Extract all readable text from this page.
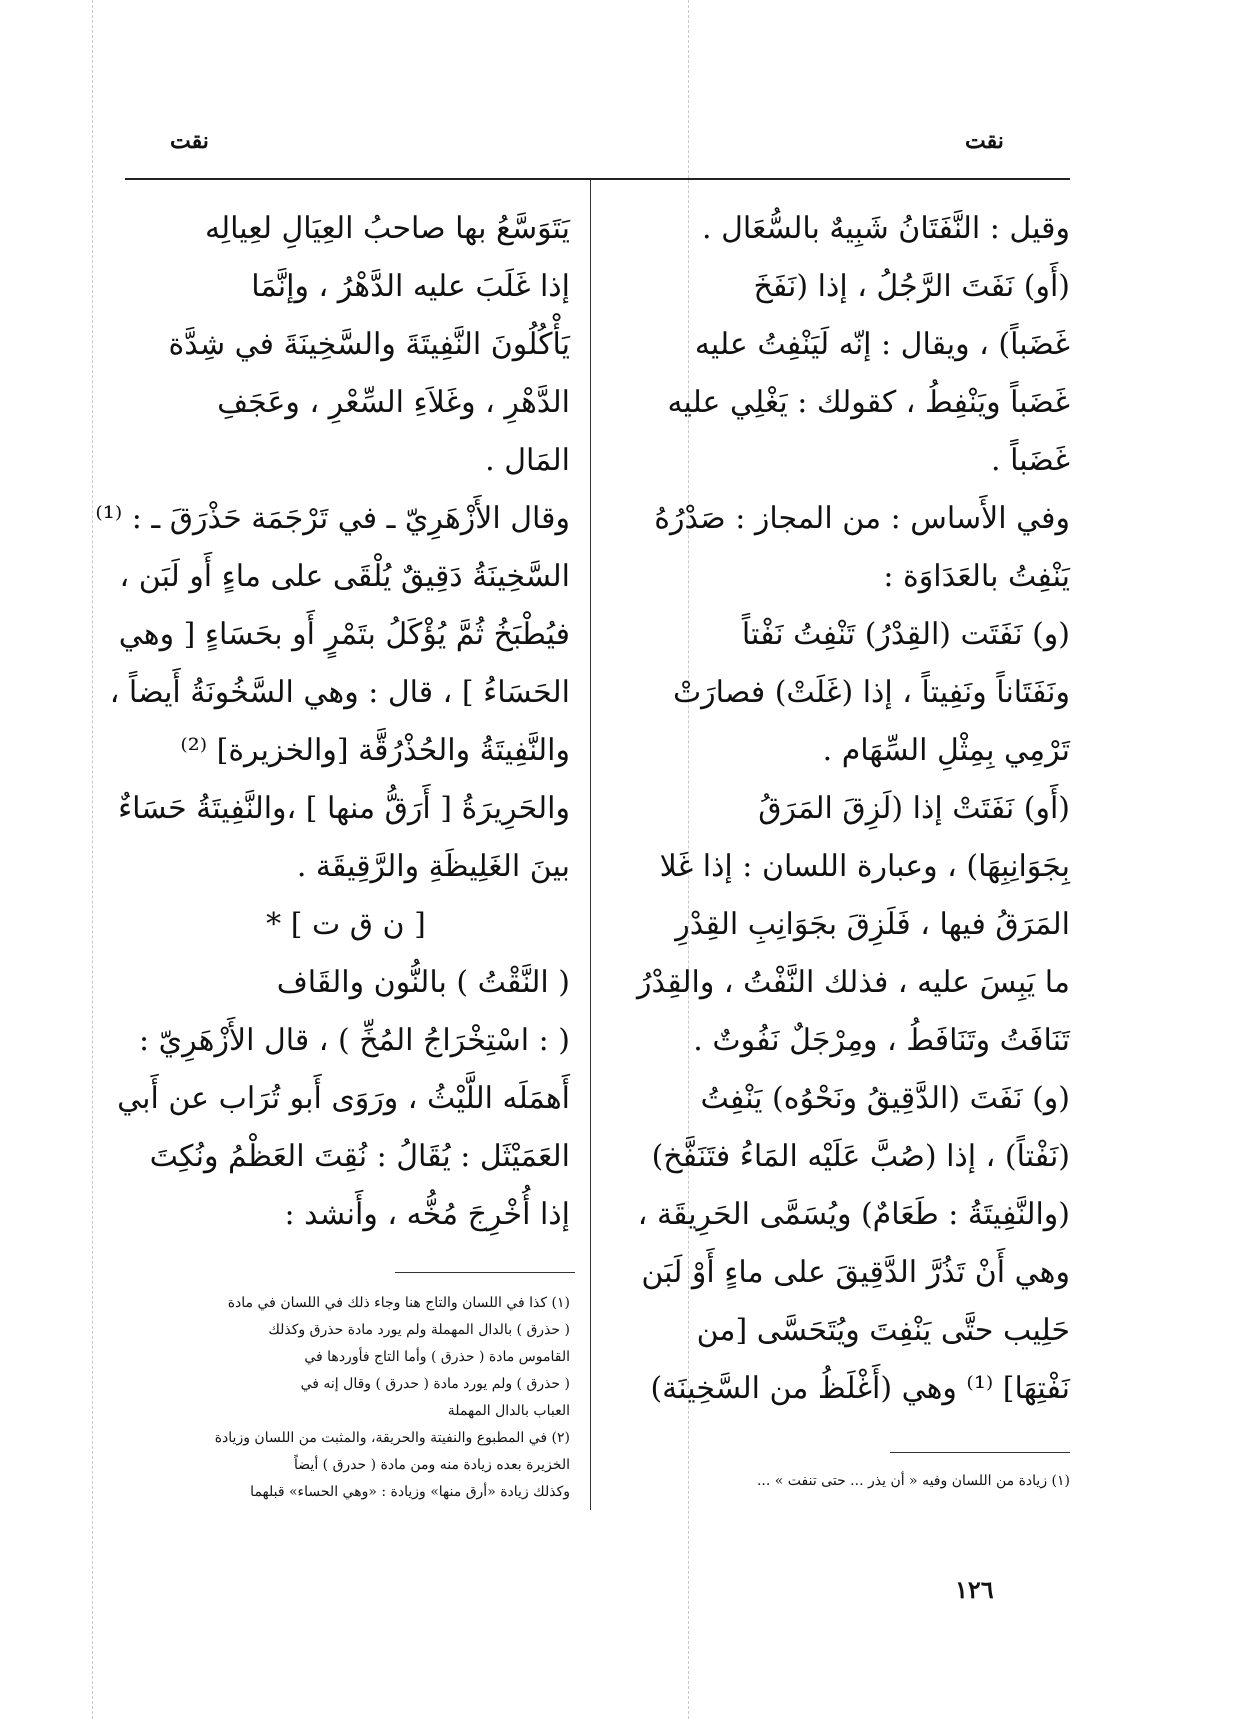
نقت
نقت
وقيل : النَّفَتَانُ شَبِيهٌ بالسُّعَال .
(أَو) نَفَتَ الرَّجُلُ ، إذا (نَفَخَ
غَضَباً) ، ويقال : إنّه لَيَنْفِتُ عليه
غَضَباً ويَنْفِطُ ، كقولك : يَغْلِي عليه
غَضَباً .
وفي الأَساس : من المجاز : صَدْرُهُ
يَنْفِتُ بالعَدَاوَة :
(و) نَفَتَت (القِدْرُ) تَنْفِتُ نَفْتاً
ونَفَتَاناً ونَفِيتاً ، إذا (غَلَتْ) فصارَتْ
تَرْمِي بِمِثْلِ السِّهَام .
(أَو) نَفَتَتْ إذا (لَزِقَ المَرَقُ
بِجَوَانِبِهَا) ، وعبارة اللسان : إذا غَلا
المَرَقُ فيها ، فَلَزِقَ بجَوَانِبِ القِدْرِ
ما يَبِسَ عليه ، فذلك النَّفْتُ ، والقِدْرُ
تَنَافَتُ وتَنَافَطُ ، ومِرْجَلٌ نَفُوتٌ .
(و) نَفَتَ (الدَّقِيقُ ونَحْوُه) يَنْفِتُ
(نَفْتاً) ، إذا (صُبَّ عَلَيْه المَاءُ فتَنَفَّخ)
(والنَّفِيتَةُ : طَعَامٌ) ويُسَمَّى الحَرِيقَة ،
وهي أَنْ تَذُرَّ الدَّقِيقَ على ماءٍ أَوْ لَبَن
حَلِيب حتَّى يَنْفِتَ ويُتَحَسَّى [من
نَفْتِهَا] ⁽¹⁾ وهي (أَغْلَظُ من السَّخِينَة)
(١) زيادة من اللسان وفيه « أن يذر ... حتى تنفت » ...
يَتَوَسَّعُ بها صاحبُ العِيَالِ لعِيالِه
إذا غَلَبَ عليه الدَّهْرُ ، وإنَّمَا
يَأْكُلُونَ النَّفِيتَةَ والسَّخِينَةَ في شِدَّة
الدَّهْرِ ، وغَلاَءِ السِّعْرِ ، وعَجَفِ
المَال .
وقال الأَزْهَرِيّ ـ في تَرْجَمَة حَذْرَقَ ـ : ⁽¹⁾
السَّخِينَةُ دَقِيقٌ يُلْقَى على ماءٍ أَو لَبَن ،
فيُطْبَخُ ثُمَّ يُؤْكَلُ بتَمْرٍ أَو بحَسَاءٍ [ وهي
الحَسَاءُ ] ، قال : وهي السَّخُونَةُ أَيضاً ،
والنَّفِيتَةُ والحُذْرُقَّة [والخزيرة] ⁽²⁾
والحَرِيرَةُ [ أَرَقُّ منها ] ،والنَّفِيتَةُ حَسَاءٌ
بينَ الغَلِيظَةِ والرَّقِيقَة .
[ ن ق ت ] *
( النَّقْتُ ) بالنُّون والقَاف
( : اسْتِخْرَاجُ المُخِّ ) ، قال الأَزْهَرِيّ :
أَهمَلَه اللَّيْثُ ، ورَوَى أَبو تُرَاب عن أَبي
العَمَيْثَل : يُقَالُ : نُقِتَ العَظْمُ ونُكِتَ
إذا أُخْرِجَ مُخُّه ، وأَنشد :
(١) كذا في اللسان والتاج هنا وجاء ذلك في اللسان في مادة
( حذرق ) بالدال المهملة ولم يورد مادة حذرق وكذلك
القاموس مادة ( حذرق ) وأما التاج فأوردها في
( حذرق ) ولم يورد مادة ( حدرق ) وقال إنه في
العباب بالدال المهملة
(٢) في المطبوع والنفيتة والحريقة، والمثبت من اللسان وزيادة
الخزيرة بعده زيادة منه ومن مادة ( حدرق ) أيضاً
وكذلك زيادة «أرق منها» وزيادة : «وهي الحساء» قبلهما
١٢٦
